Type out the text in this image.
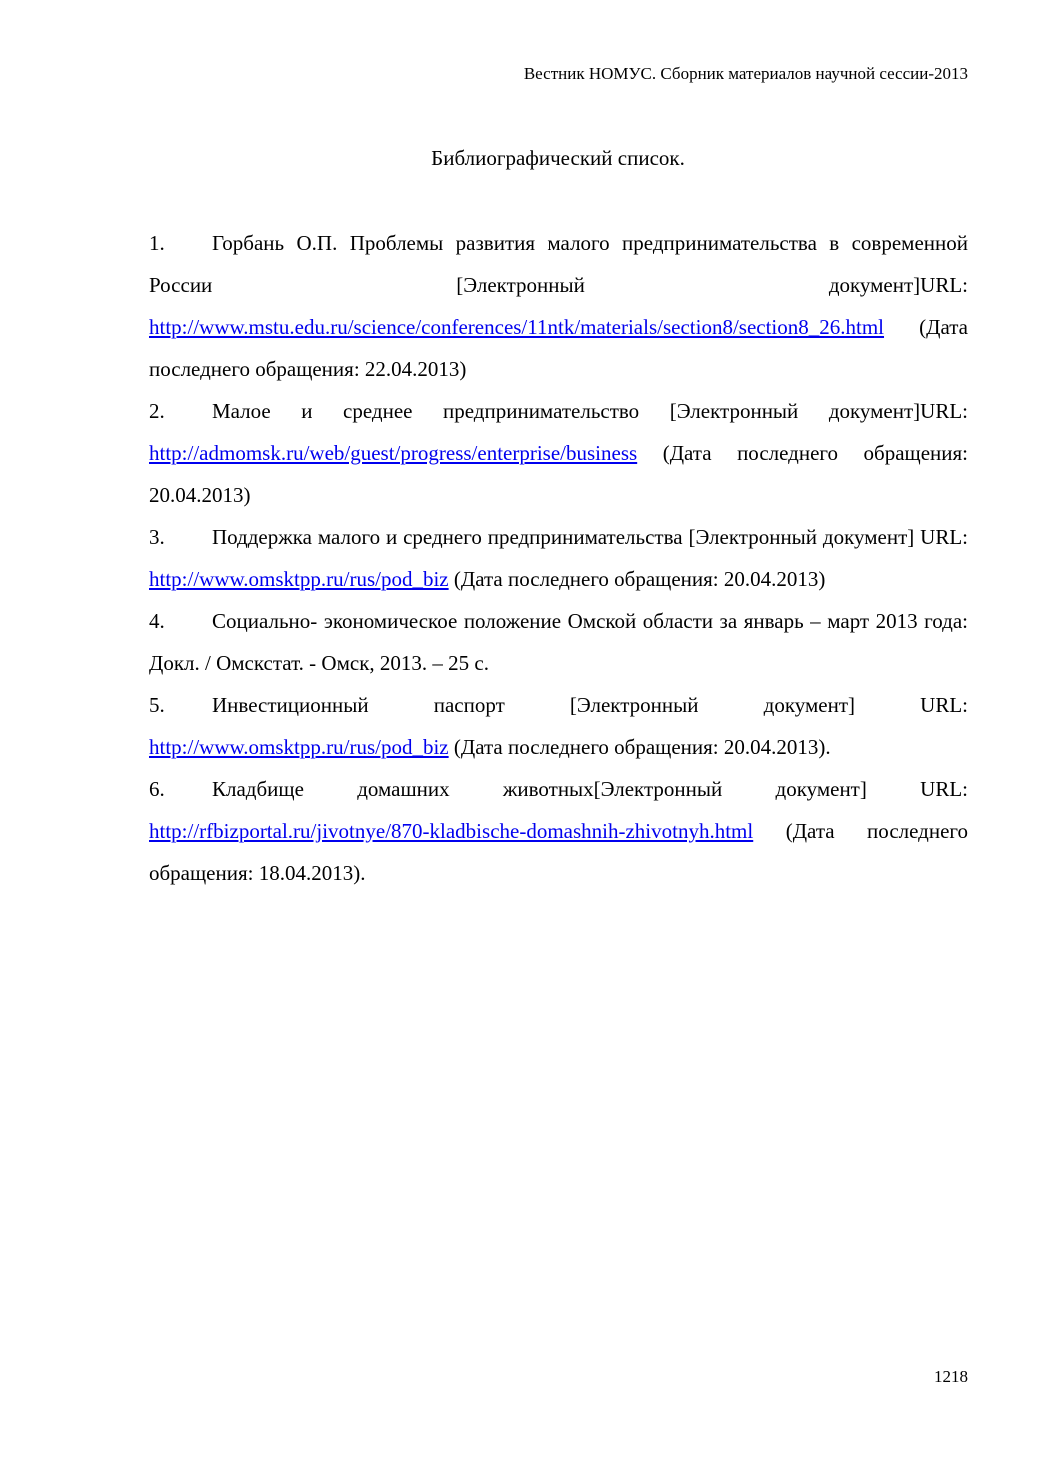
Вестник НОМУС. Сборник материалов научной сессии-2013
Библиографический список.

1. Горбань О.П. Проблемы развития малого предпринимательства в современной России [Электронный документ]URL: http://www.mstu.edu.ru/science/conferences/11ntk/materials/section8/section8_26.html (Дата последнего обращения: 22.04.2013)

2. Малое и среднее предпринимательство [Электронный документ]URL: http://admomsk.ru/web/guest/progress/enterprise/business (Дата последнего обращения: 20.04.2013)

3. Поддержка малого и среднего предпринимательства [Электронный документ] URL: http://www.omsktpp.ru/rus/pod_biz (Дата последнего обращения: 20.04.2013)

4. Социально- экономическое положение Омской области за январь – март 2013 года: Докл. / Омскстат. - Омск, 2013. – 25 с.

5. Инвестиционный паспорт [Электронный документ] URL: http://www.omsktpp.ru/rus/pod_biz (Дата последнего обращения: 20.04.2013).

6. Кладбище домашних животных[Электронный документ] URL: http://rfbizportal.ru/jivotnye/870-kladbische-domashnih-zhivotnyh.html (Дата последнего обращения: 18.04.2013).

1218
